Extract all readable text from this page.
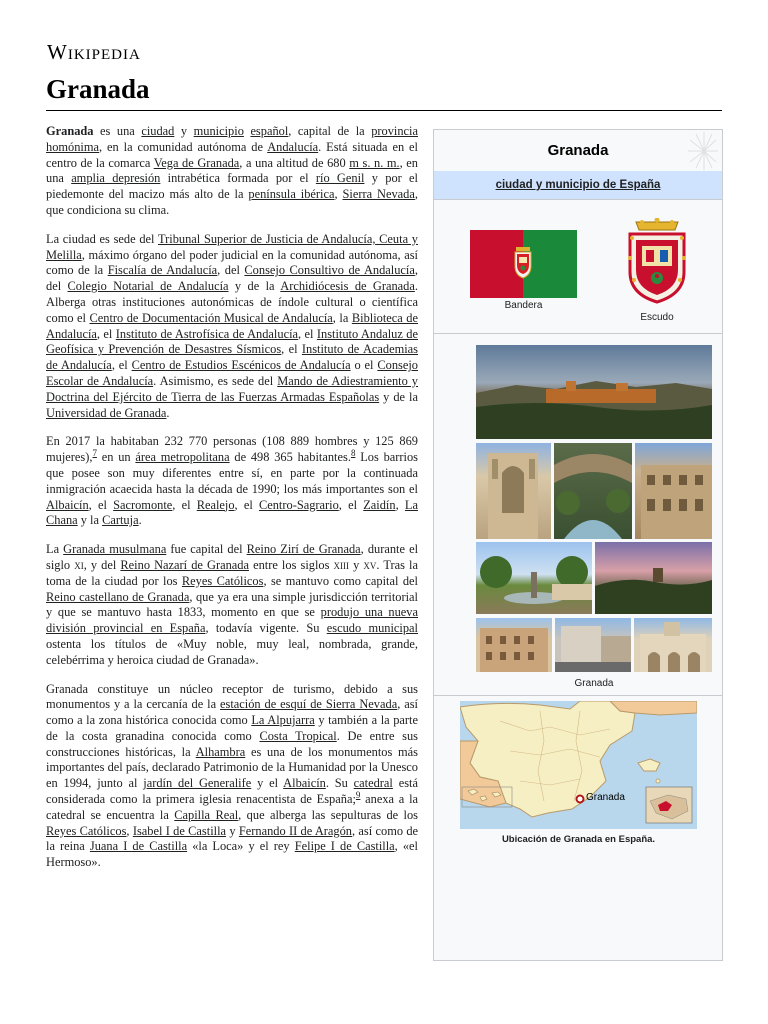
Wikipedia
Granada

Granada es una ciudad y municipio español, capital de la provincia homónima, en la comunidad autónoma de Andalucía. Está situada en el centro de la comarca Vega de Granada, a una altitud de 680 m s. n. m., en una amplia depresión intrabética formada por el río Genil y por el piedemonte del macizo más alto de la península ibérica, Sierra Nevada, que condiciona su clima.

La ciudad es sede del Tribunal Superior de Justicia de Andalucía, Ceuta y Melilla, máximo órgano del poder judicial en la comunidad autónoma, así como de la Fiscalía de Andalucía, del Consejo Consultivo de Andalucía, del Colegio Notarial de Andalucía y de la Archidiócesis de Granada. Alberga otras instituciones autonómicas de índole cultural o científica como el Centro de Documentación Musical de Andalucía, la Biblioteca de Andalucía, el Instituto de Astrofísica de Andalucía, el Instituto Andaluz de Geofísica y Prevención de Desastres Sísmicos, el Instituto de Academias de Andalucía, el Centro de Estudios Escénicos de Andalucía o el Consejo Escolar de Andalucía. Asimismo, es sede del Mando de Adiestramiento y Doctrina del Ejército de Tierra de las Fuerzas Armadas Españolas y de la Universidad de Granada.

En 2017 la habitaban 232 770 personas (108 889 hombres y 125 869 mujeres),$^7$ en un área metropolitana de 498 365 habitantes.$^8$ Los barrios que posee son muy diferentes entre sí, en parte por la continuada inmigración acaecida hasta la década de 1990; los más importantes son el Albaicín, el Sacromonte, el Realejo, el Centro-Sagrario, el Zaidín, La Chana y la Cartuja.

La Granada musulmana fue capital del Reino Zirí de Granada, durante el siglo xi, y del Reino Nazarí de Granada entre los siglos xiii y xv. Tras la toma de la ciudad por los Reyes Católicos, se mantuvo como capital del Reino castellano de Granada, que ya era una simple jurisdicción territorial y que se mantuvo hasta 1833, momento en que se produjo una nueva división provincial en España, todavía vigente. Su escudo municipal ostenta los títulos de «Muy noble, muy leal, nombrada, grande, celebérrima y heroica ciudad de Granada».

Granada constituye un núcleo receptor de turismo, debido a sus monumentos y a la cercanía de la estación de esquí de Sierra Nevada, así como a la zona histórica conocida como La Alpujarra y también a la parte de la costa granadina conocida como Costa Tropical. De entre sus construcciones históricas, la Alhambra es una de los monumentos más importantes del país, declarado Patrimonio de la Humanidad por la Unesco en 1994, junto al jardín del Generalife y el Albaicín. Su catedral está considerada como la primera iglesia renacentista de España;$^9$ anexa a la catedral se encuentra la Capilla Real, que alberga las sepulturas de los Reyes Católicos, Isabel I de Castilla y Fernando II de Aragón, así como de la reina Juana I de Castilla «la Loca» y el rey Felipe I de Castilla, «el Hermoso».

Granada
ciudad y municipio de España
Bandera
Escudo
Granada
Granada
Ubicación de Granada en España.
